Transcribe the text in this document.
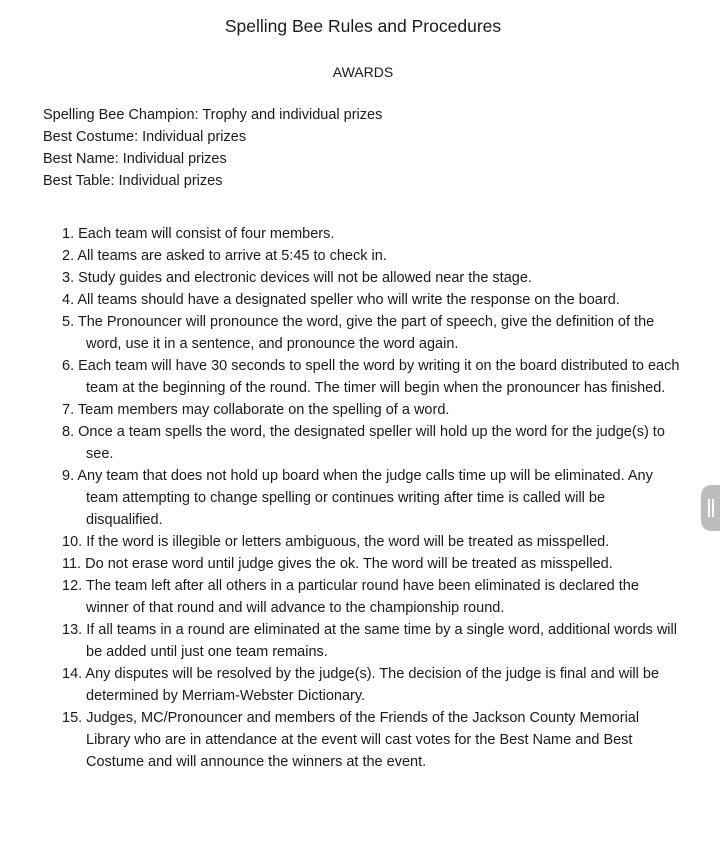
Spelling Bee Rules and Procedures
AWARDS
Spelling Bee Champion: Trophy and individual prizes
Best Costume: Individual prizes
Best Name: Individual prizes
Best Table: Individual prizes
1. Each team will consist of four members.
2. All teams are asked to arrive at 5:45 to check in.
3. Study guides and electronic devices will not be allowed near the stage.
4. All teams should have a designated speller who will write the response on the board.
5. The Pronouncer will pronounce the word, give the part of speech, give the definition of the word, use it in a sentence, and pronounce the word again.
6. Each team will have 30 seconds to spell the word by writing it on the board distributed to each team at the beginning of the round. The timer will begin when the pronouncer has finished.
7. Team members may collaborate on the spelling of a word.
8. Once a team spells the word, the designated speller will hold up the word for the judge(s) to see.
9. Any team that does not hold up board when the judge calls time up will be eliminated. Any team attempting to change spelling or continues writing after time is called will be disqualified.
10. If the word is illegible or letters ambiguous, the word will be treated as misspelled.
11. Do not erase word until judge gives the ok. The word will be treated as misspelled.
12. The team left after all others in a particular round have been eliminated is declared the winner of that round and will advance to the championship round.
13. If all teams in a round are eliminated at the same time by a single word, additional words will be added until just one team remains.
14. Any disputes will be resolved by the judge(s). The decision of the judge is final and will be determined by Merriam-Webster Dictionary.
15. Judges, MC/Pronouncer and members of the Friends of the Jackson County Memorial Library who are in attendance at the event will cast votes for the Best Name and Best Costume and will announce the winners at the event.
